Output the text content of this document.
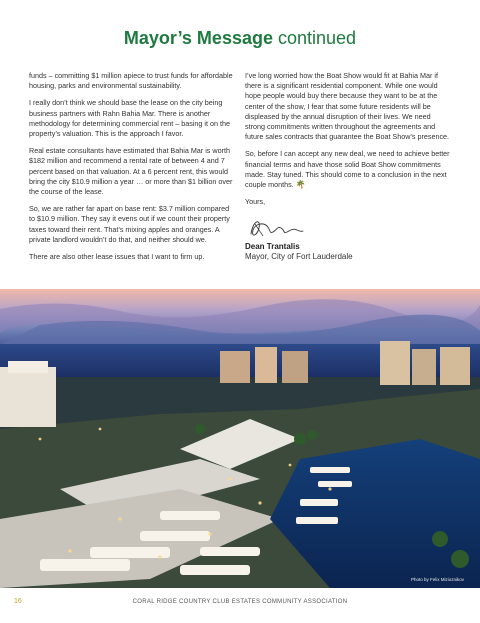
Mayor’s Message continued

funds – committing $1 million apiece to trust funds for affordable housing, parks and environmental sustainability.

I really don’t think we should base the lease on the city being business partners with Rahn Bahia Mar. There is another methodology for determining commercial rent – basing it on the property’s valuation. This is the approach I favor.

Real estate consultants have estimated that Bahia Mar is worth $182 million and recommend a rental rate of between 4 and 7 percent based on that valuation. At a 6 percent rent, this would bring the city $10.9 million a year … or more than $1 billion over the course of the lease.

So, we are rather far apart on base rent: $3.7 million compared to $10.9 million. They say it evens out if we count their property taxes toward their rent. That’s mixing apples and oranges. A private landlord wouldn’t do that, and neither should we.

There are also other lease issues that I want to firm up.

I’ve long worried how the Boat Show would fit at Bahia Mar if there is a significant residential component. While one would hope people would buy there because they want to be at the center of the show, I fear that some future residents will be displeased by the annual disruption of their lives. We need strong commitments written throughout the agreements and future sales contracts that guarantee the Boat Show’s presence.

So, before I can accept any new deal, we need to achieve better financial terms and have those solid Boat Show commitments made. Stay tuned. This should come to a conclusion in the next couple months. 🌴

Yours,

Dean Trantalis
Mayor, City of Fort Lauderdale
Photo by Felix Mizioznikov
16	CORAL RIDGE COUNTRY CLUB ESTATES COMMUNITY ASSOCIATION
